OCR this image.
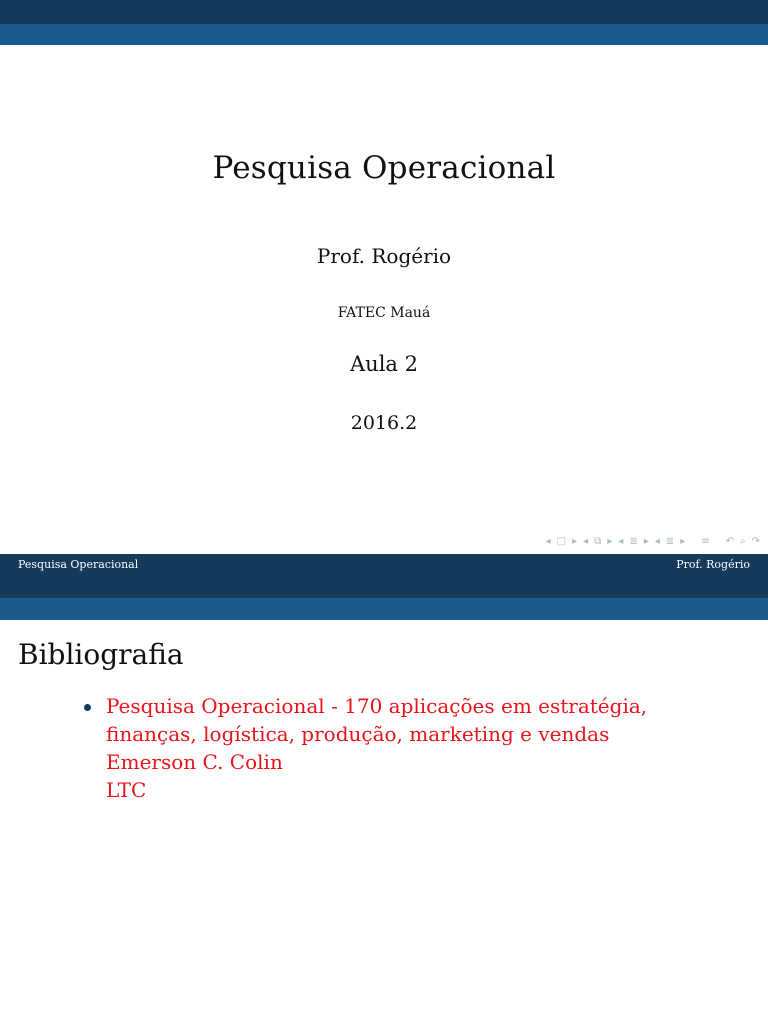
Pesquisa Operacional
Prof. Rogério
FATEC Mauá
Aula 2
2016.2
◂ □ ▸ ◂ ⧉ ▸ ◂ ≣ ▸ ◂ ≣ ▸ ≡ ↶ ⌕ ↷
Pesquisa Operacional	Prof. Rogério
Bibliografia
Pesquisa Operacional - 170 aplicações em estratégia,
finanças, logística, produção, marketing e vendas
Emerson C. Colin
LTC
